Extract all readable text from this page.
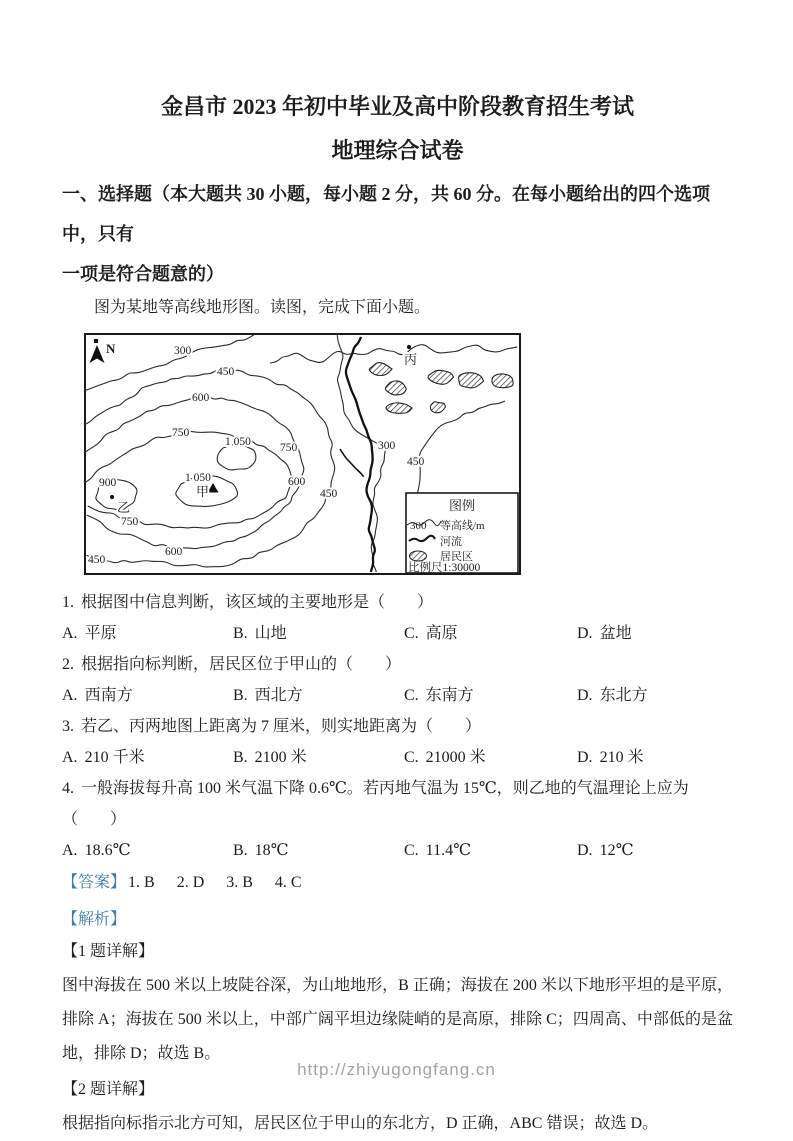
金昌市 2023 年初中毕业及高中阶段教育招生考试
地理综合试卷

一、选择题（本大题共 30 小题，每小题 2 分，共 60 分。在每小题给出的四个选项中，只有

一项是符合题意的）

图为某地等高线地形图。读图，完成下面小题。

300
450
600
750
1 050
1 050
900
750
600
450
750
600
450
300
450
甲
乙
丙
图例
300 等高线/m
河流
居民区
比例尺1:30000
N
1. 根据图中信息判断，该区域的主要地形是（　　）
A. 平原	B. 山地	C. 高原	D. 盆地
2. 根据指向标判断，居民区位于甲山的（　　）
A. 西南方	B. 西北方	C. 东南方	D. 东北方
3. 若乙、丙两地图上距离为 7 厘米，则实地距离为（　　）
A. 210 千米	B. 2100 米	C. 21000 米	D. 210 米
4. 一般海拔每升高 100 米气温下降 0.6℃。若丙地气温为 15℃，则乙地的气温理论上应为（　　）
A. 18.6℃	B. 18℃	C. 11.4℃	D. 12℃
【答案】 1. B 2. D 3. B 4. C
【解析】
【1 题详解】

图中海拔在 500 米以上坡陡谷深，为山地地形，B 正确；海拔在 200 米以下地形平坦的是平原，排除 A；海拔在 500 米以上，中部广阔平坦边缘陡峭的是高原，排除 C；四周高、中部低的是盆地，排除 D；故选 B。

【2 题详解】

根据指向标指示北方可知，居民区位于甲山的东北方，D 正确，ABC 错误；故选 D。

http://zhiyugongfang.cn
